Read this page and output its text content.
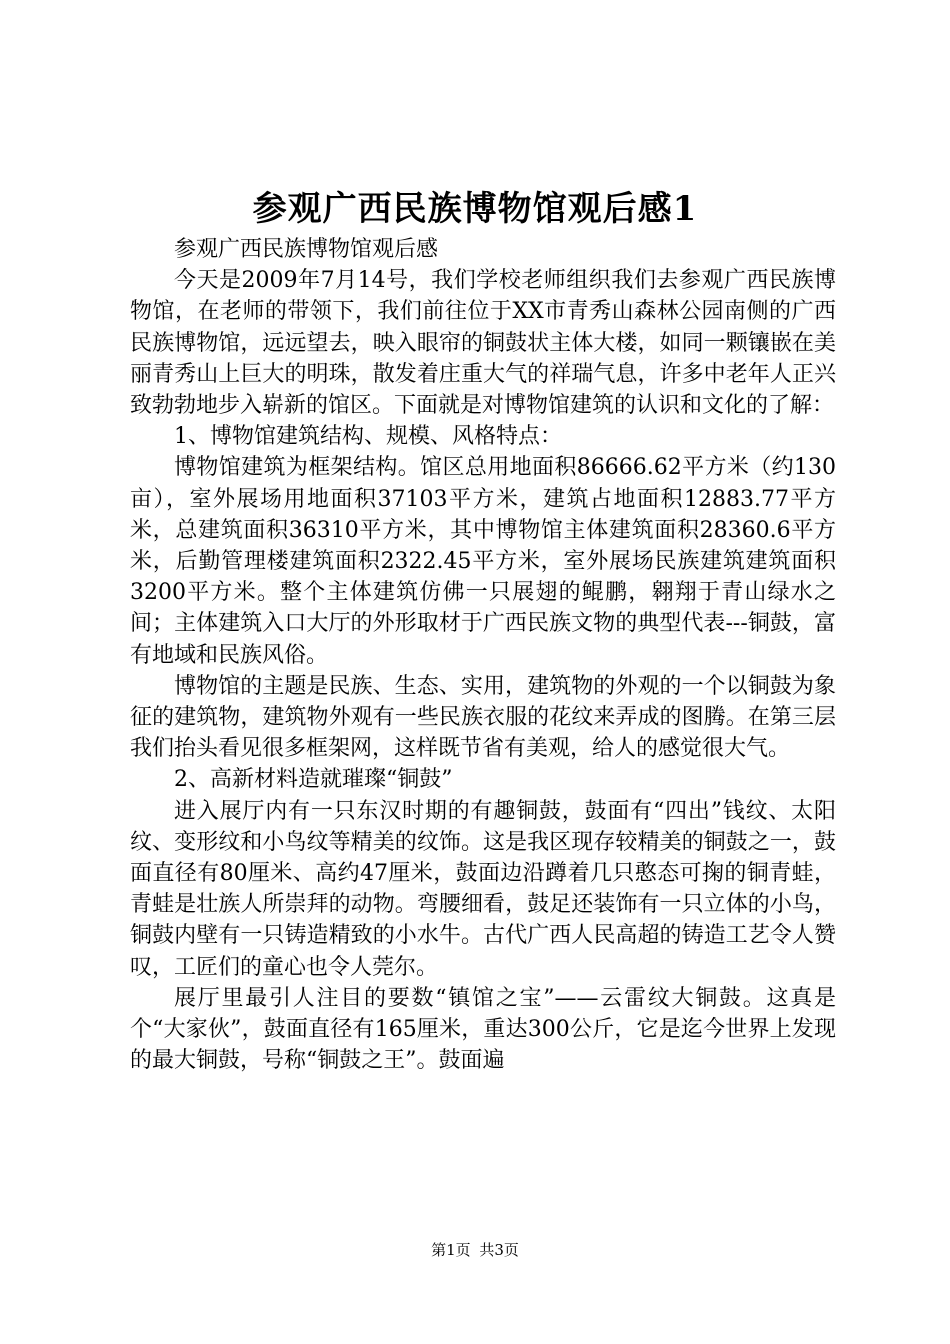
参观广西民族博物馆观后感1

参观广西民族博物馆观后感

今天是2009年7月14号，我们学校老师组织我们去参观广西民族博物馆，在老师的带领下，我们前往位于XX市青秀山森林公园南侧的广西民族博物馆，远远望去，映入眼帘的铜鼓状主体大楼，如同一颗镶嵌在美丽青秀山上巨大的明珠，散发着庄重大气的祥瑞气息，许多中老年人正兴致勃勃地步入崭新的馆区。下面就是对博物馆建筑的认识和文化的了解：

1、博物馆建筑结构、规模、风格特点：

博物馆建筑为框架结构。馆区总用地面积86666.62平方米（约130亩），室外展场用地面积37103平方米，建筑占地面积12883.77平方米，总建筑面积36310平方米，其中博物馆主体建筑面积28360.6平方米，后勤管理楼建筑面积2322.45平方米，室外展场民族建筑建筑面积3200平方米。整个主体建筑仿佛一只展翅的鲲鹏，翱翔于青山绿水之间；主体建筑入口大厅的外形取材于广西民族文物的典型代表---铜鼓，富有地域和民族风俗。

博物馆的主题是民族、生态、实用，建筑物的外观的一个以铜鼓为象征的建筑物，建筑物外观有一些民族衣服的花纹来弄成的图腾。在第三层我们抬头看见很多框架网，这样既节省有美观，给人的感觉很大气。

2、高新材料造就璀璨“铜鼓”

进入展厅内有一只东汉时期的有趣铜鼓，鼓面有“四出”钱纹、太阳纹、变形纹和小鸟纹等精美的纹饰。这是我区现存较精美的铜鼓之一，鼓面直径有80厘米、高约47厘米，鼓面边沿蹲着几只憨态可掬的铜青蛙，青蛙是壮族人所崇拜的动物。弯腰细看，鼓足还装饰有一只立体的小鸟，铜鼓内壁有一只铸造精致的小水牛。古代广西人民高超的铸造工艺令人赞叹，工匠们的童心也令人莞尔。

展厅里最引人注目的要数“镇馆之宝”——云雷纹大铜鼓。这真是个“大家伙”，鼓面直径有165厘米，重达300公斤，它是迄今世界上发现的最大铜鼓，号称“铜鼓之王”。鼓面遍

第1页 共3页
